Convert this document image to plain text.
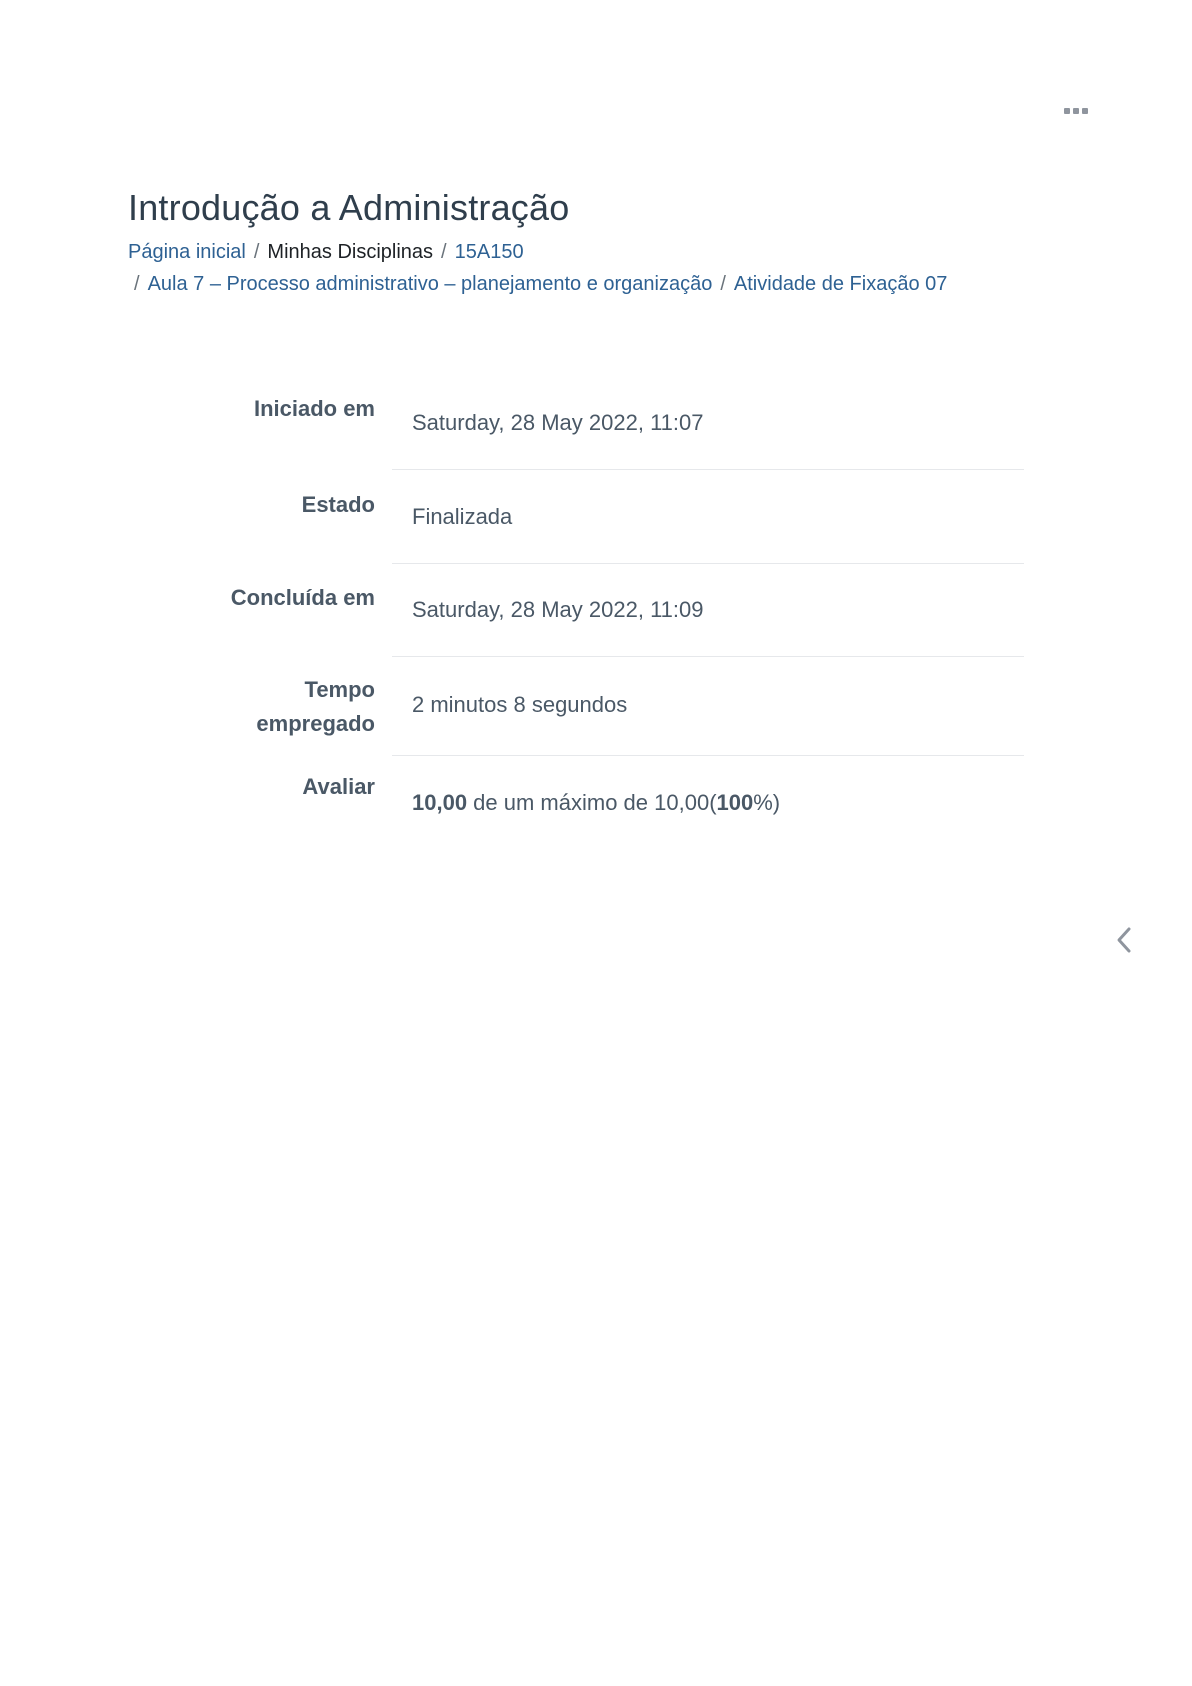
Introdução a Administração
Página inicial / Minhas Disciplinas / 15A150
/ Aula 7 – Processo administrativo – planejamento e organização / Atividade de Fixação 07
Iniciado em
Saturday, 28 May 2022, 11:07
Estado	Finalizada
Concluída em	Saturday, 28 May 2022, 11:09
Tempo
empregado
2 minutos 8 segundos
Avaliar
10,00 de um máximo de 10,00(100%)
